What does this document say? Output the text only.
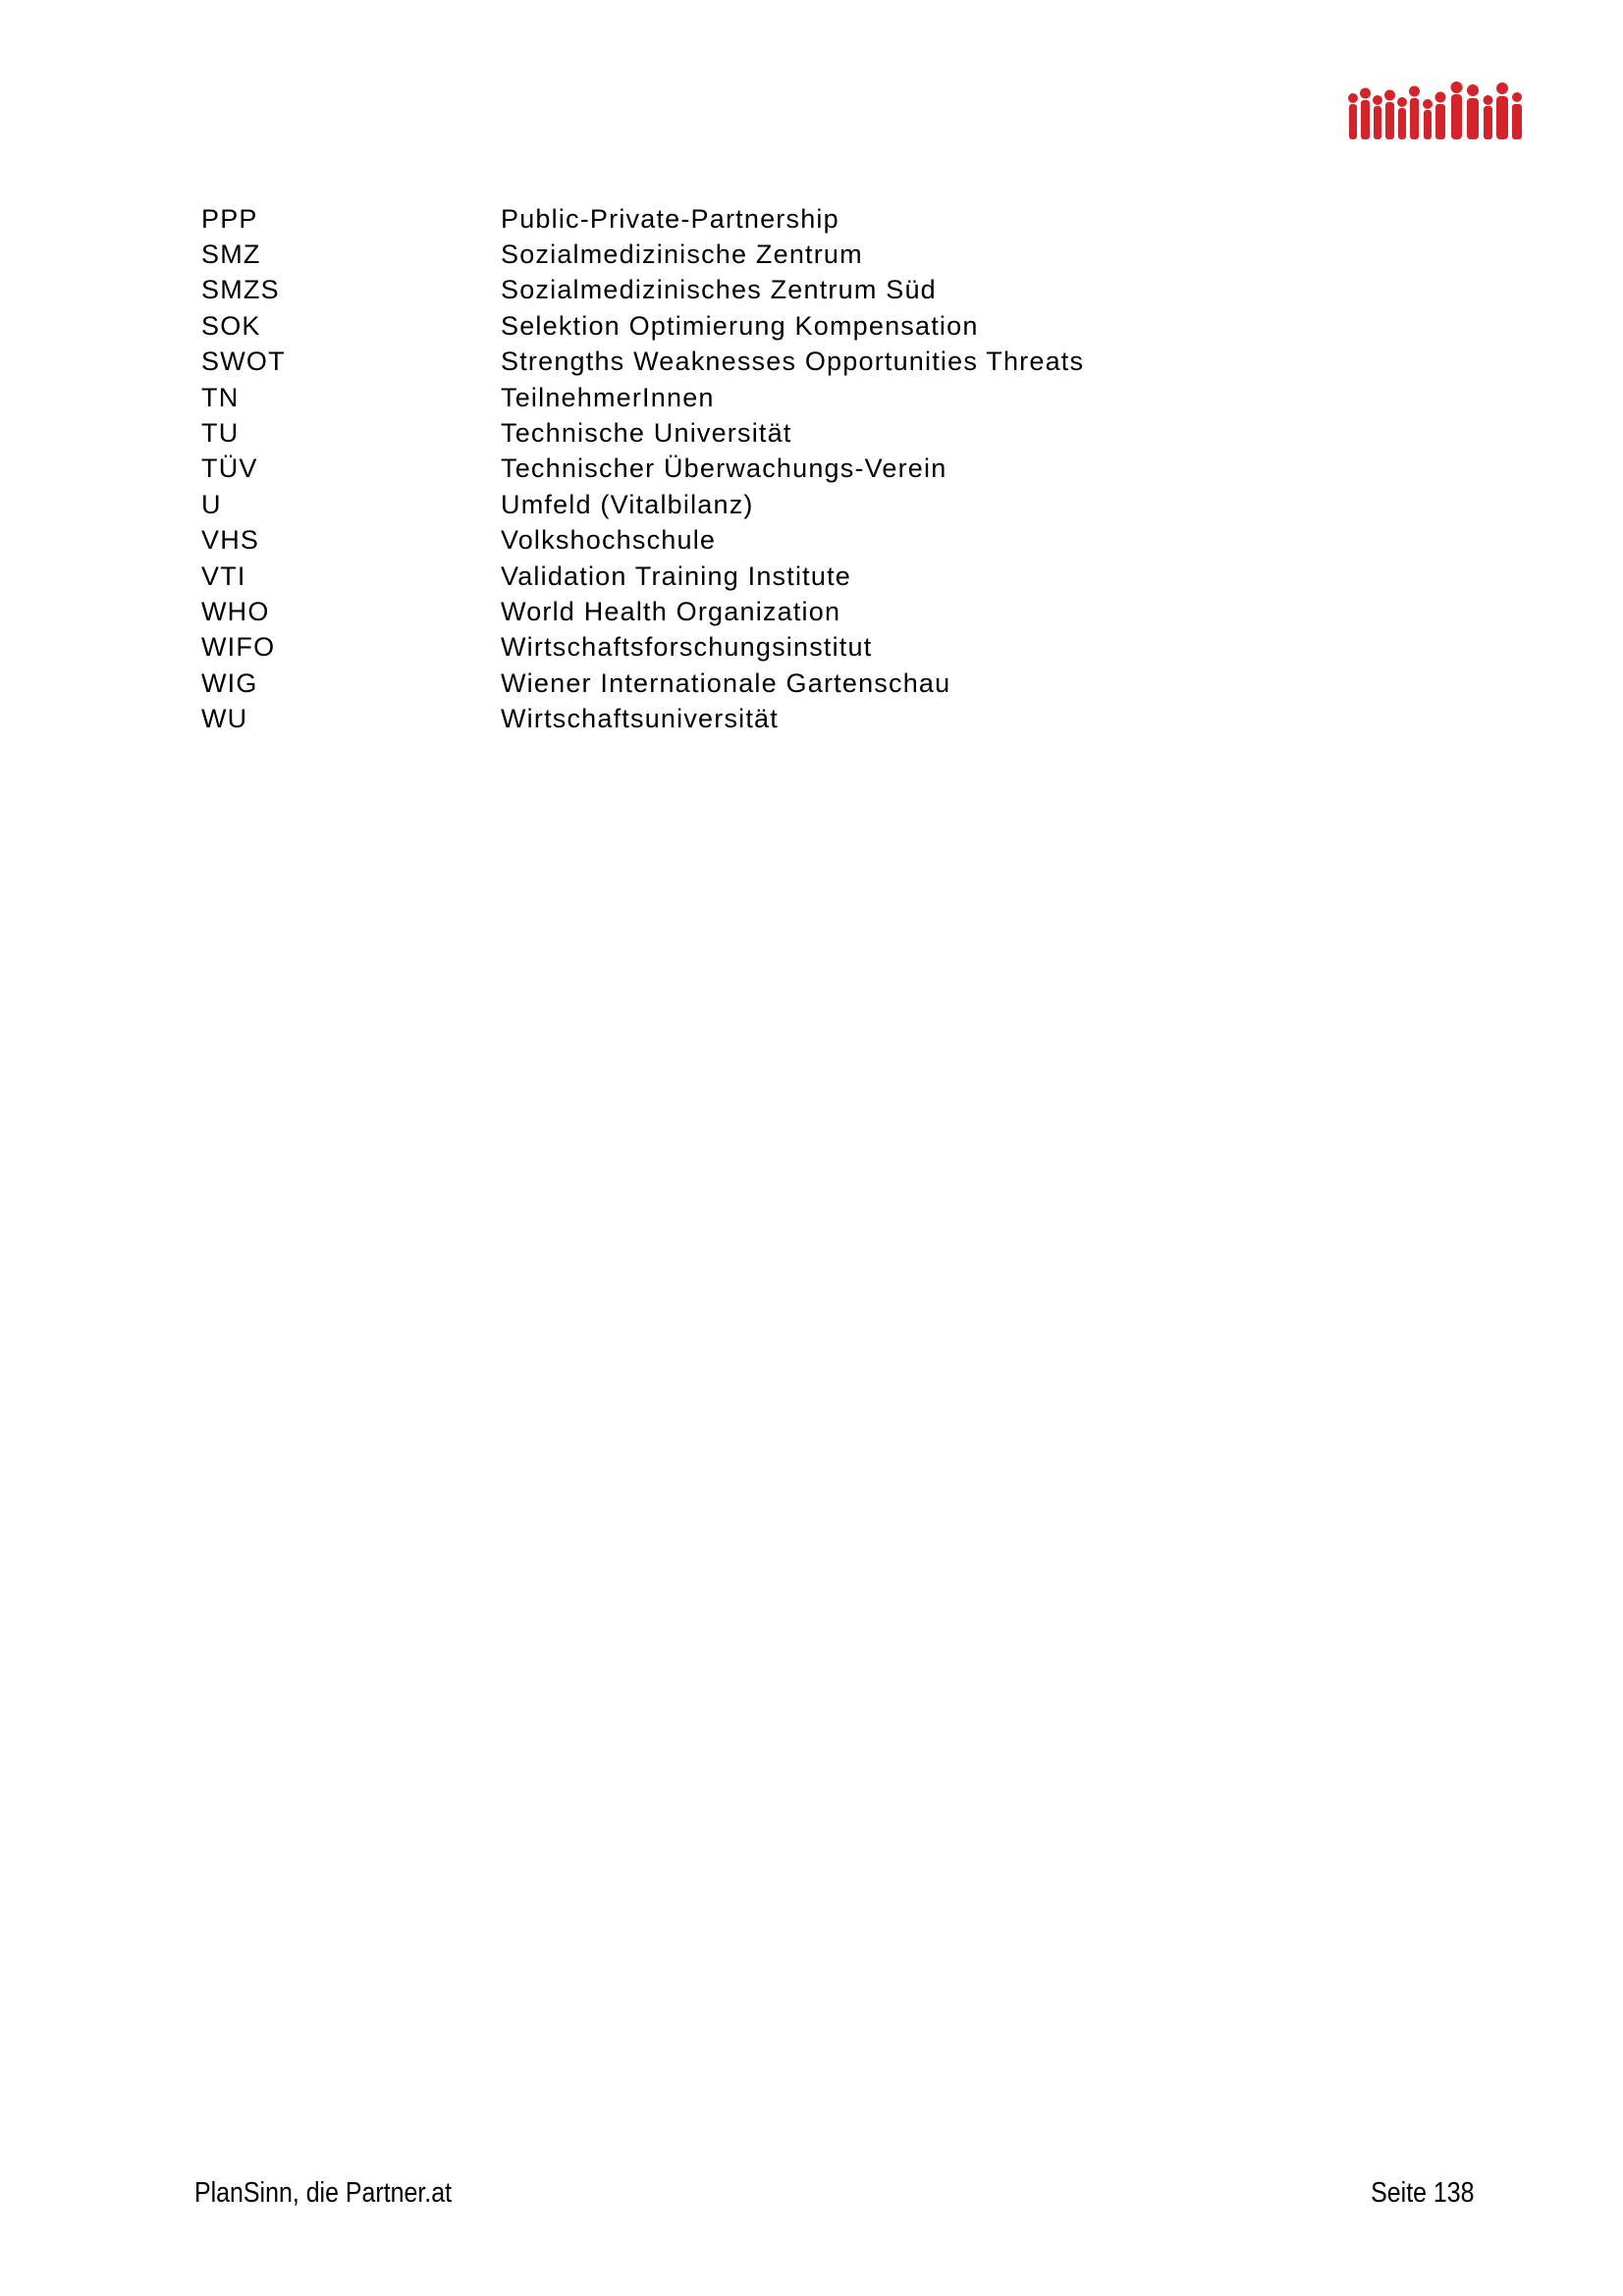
PPP	Public-Private-Partnership
SMZ	Sozialmedizinische Zentrum
SMZS	Sozialmedizinisches Zentrum Süd
SOK	Selektion Optimierung Kompensation
SWOT	Strengths Weaknesses Opportunities Threats
TN	TeilnehmerInnen
TU	Technische Universität
TÜV	Technischer Überwachungs-Verein
U	Umfeld (Vitalbilanz)
VHS	Volkshochschule
VTI	Validation Training Institute
WHO	World Health Organization
WIFO	Wirtschaftsforschungsinstitut
WIG	Wiener Internationale Gartenschau
WU	Wirtschaftsuniversität
PlanSinn, die Partner.at	Seite 138
